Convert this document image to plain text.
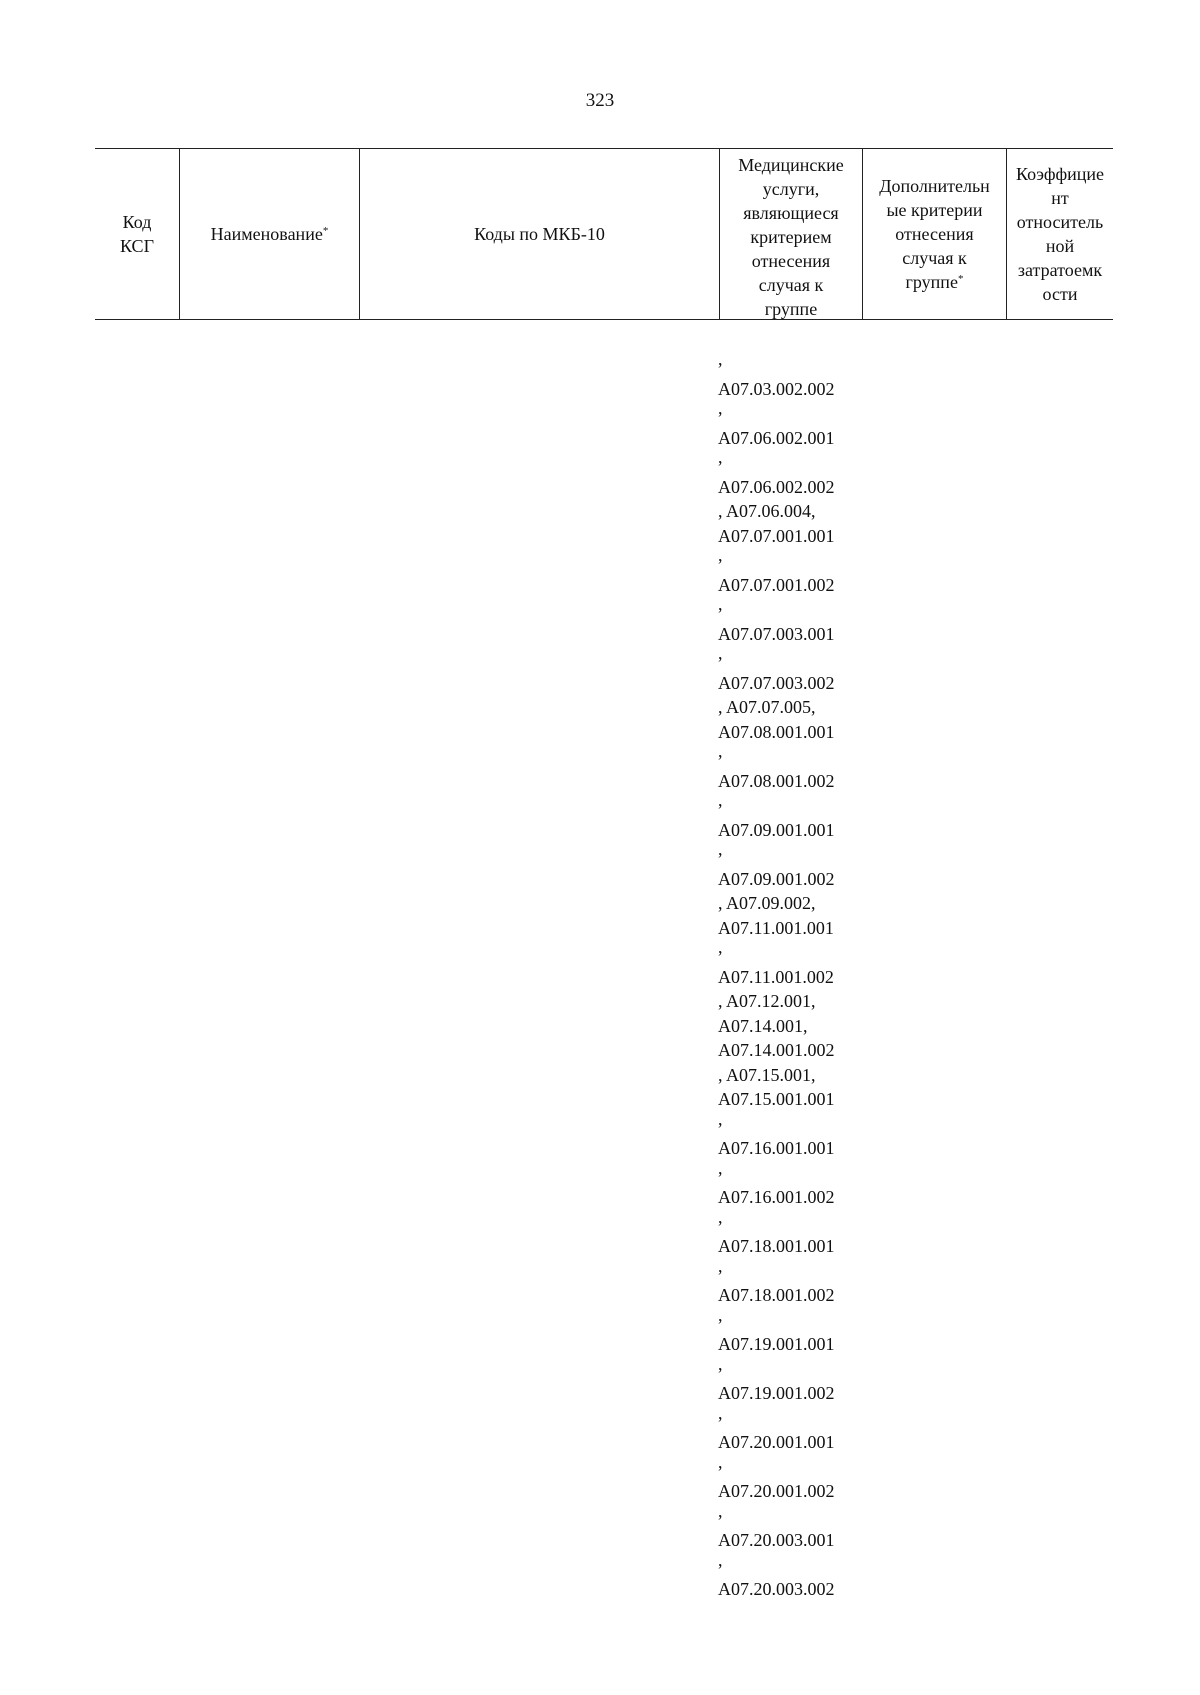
323
Код
КСГ
Наименование*	Коды по МКБ-10
Медицинские
услуги,
являющиеся
критерием
отнесения
случая к
группе
Дополнительн
ые критерии
отнесения
случая к
группе*
Коэффицие
нт
относитель
ной
затратоемк
ости
,
A07.03.002.002
,
A07.06.002.001
,
A07.06.002.002
, A07.06.004,
A07.07.001.001
,
A07.07.001.002
,
A07.07.003.001
,
A07.07.003.002
, A07.07.005,
A07.08.001.001
,
A07.08.001.002
,
A07.09.001.001
,
A07.09.001.002
, A07.09.002,
A07.11.001.001
,
A07.11.001.002
, A07.12.001,
A07.14.001,
A07.14.001.002
, A07.15.001,
A07.15.001.001
,
A07.16.001.001
,
A07.16.001.002
,
A07.18.001.001
,
A07.18.001.002
,
A07.19.001.001
,
A07.19.001.002
,
A07.20.001.001
,
A07.20.001.002
,
A07.20.003.001
,
A07.20.003.002
